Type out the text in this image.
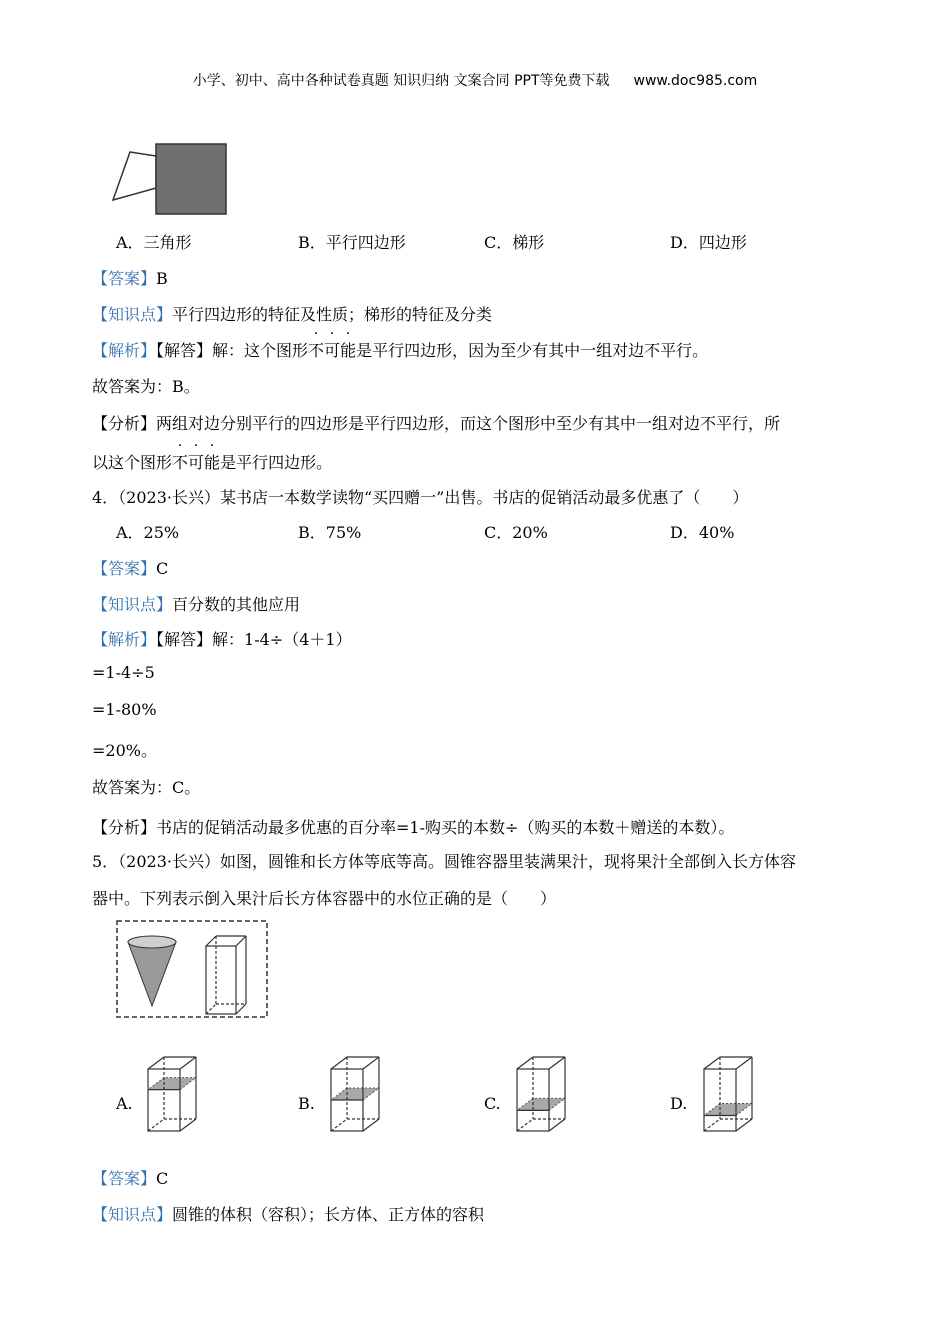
小学、初中、高中各种试卷真题 知识归纳 文案合同 PPT等免费下载 www.doc985.com
A．三角形	B．平行四边形	C．梯形	D．四边形
【答案】B
【知识点】平行四边形的特征及性质；梯形的特征及分类
【解析】【解答】解：这个图形不可能是平行四边形，因为至少有其中一组对边不平行。
故答案为：B。
【分析】两组对边分别平行的四边形是平行四边形，而这个图形中至少有其中一组对边不平行，所
以这个图形不可能是平行四边形。
4．（2023·长兴）某书店一本数学读物“买四赠一”出售。书店的促销活动最多优惠了（　　）
A．25%	B．75%	C．20%	D．40%
【答案】C
【知识点】百分数的其他应用
【解析】【解答】解：1-4÷（4＋1）
=1-4÷5
=1-80%
=20%。
故答案为：C。
【分析】书店的促销活动最多优惠的百分率=1-购买的本数÷（购买的本数＋赠送的本数）。
5．（2023·长兴）如图，圆锥和长方体等底等高。圆锥容器里装满果汁，现将果汁全部倒入长方体容
器中。下列表示倒入果汁后长方体容器中的水位正确的是（　　）
A.	B.	C.	D.
【答案】C
【知识点】圆锥的体积（容积）；长方体、正方体的容积
